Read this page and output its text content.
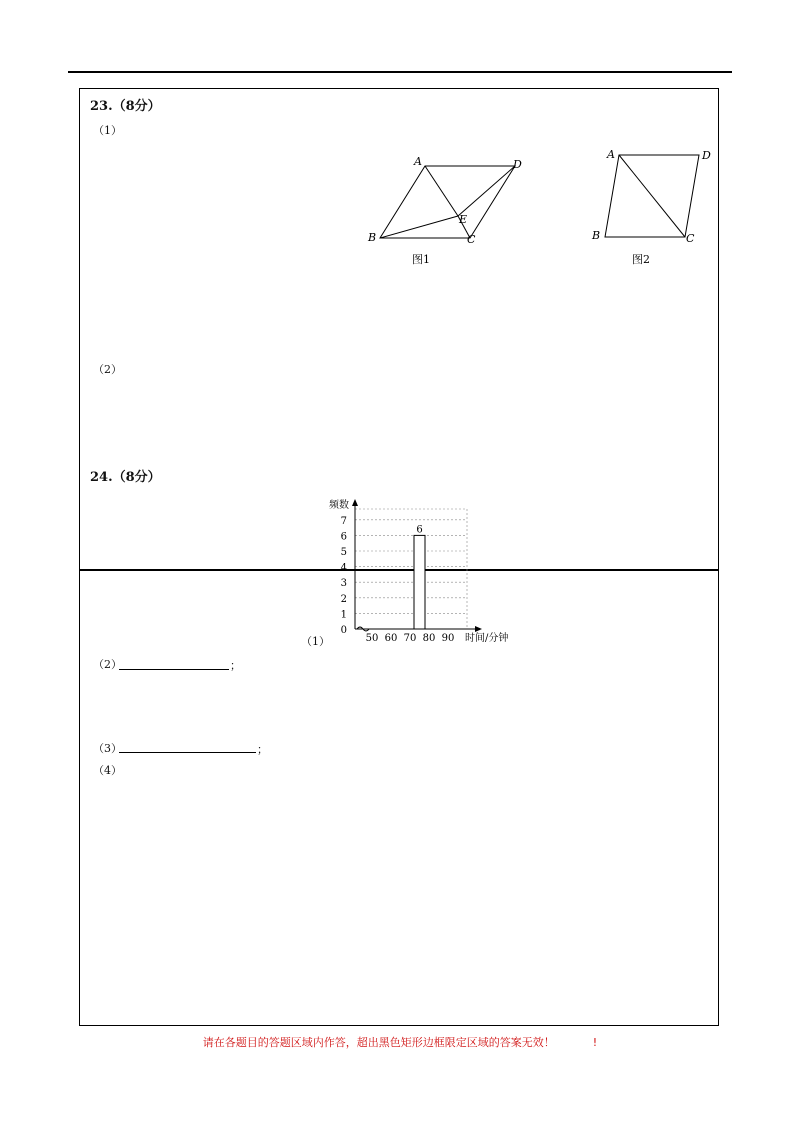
23.（8分）
（1）
A	D
E
B	C
图1
A	D
B	C
图2
（2）
24.（8分）
0
1
2
3
4
5
6
7
50 60 70 80 90
频数
时间/分钟
6
（1）
（2）	；
（3）	；
（4）
请在各题目的答题区域内作答，超出黑色矩形边框限定区域的答案无效！	!
